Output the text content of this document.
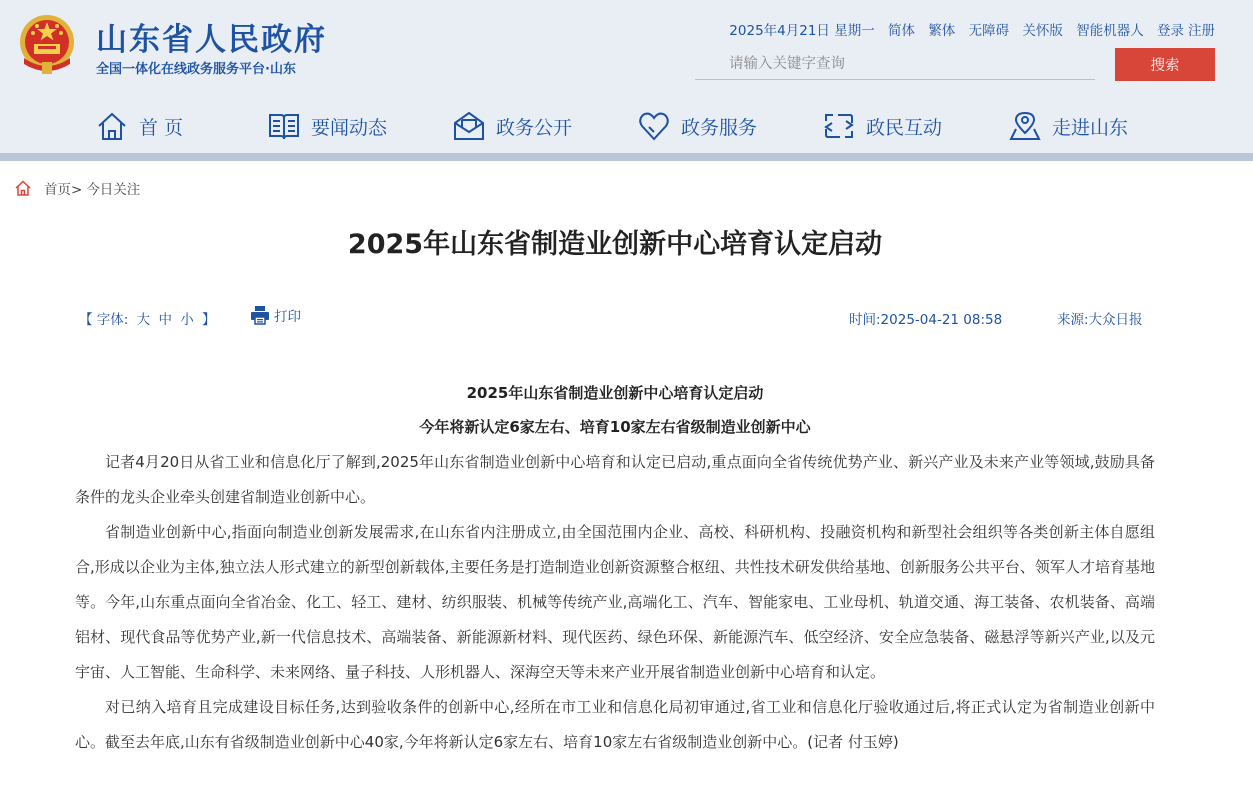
山东省人民政府
全国一体化在线政务服务平台·山东
2025年4月21日 星期一 简体 繁体 无障碍 关怀版 智能机器人 登录 注册
请输入关键字查询
搜索
首 页	要闻动态	政务公开	政务服务	政民互动	走进山东
首页> 今日关注
2025年山东省制造业创新中心培育认定启动
【 字体: 大 中 小 】	打印	时间:2025-04-21 08:58	来源:大众日报
2025年山东省制造业创新中心培育认定启动
今年将新认定6家左右、培育10家左右省级制造业创新中心

记者4月20日从省工业和信息化厅了解到,2025年山东省制造业创新中心培育和认定已启动,重点面向全省传统优势产业、新兴产业及未来产业等领域,鼓励具备条件的龙头企业牵头创建省制造业创新中心。

省制造业创新中心,指面向制造业创新发展需求,在山东省内注册成立,由全国范围内企业、高校、科研机构、投融资机构和新型社会组织等各类创新主体自愿组合,形成以企业为主体,独立法人形式建立的新型创新载体,主要任务是打造制造业创新资源整合枢纽、共性技术研发供给基地、创新服务公共平台、领军人才培育基地等。今年,山东重点面向全省冶金、化工、轻工、建材、纺织服装、机械等传统产业,高端化工、汽车、智能家电、工业母机、轨道交通、海工装备、农机装备、高端铝材、现代食品等优势产业,新一代信息技术、高端装备、新能源新材料、现代医药、绿色环保、新能源汽车、低空经济、安全应急装备、磁悬浮等新兴产业,以及元宇宙、人工智能、生命科学、未来网络、量子科技、人形机器人、深海空天等未来产业开展省制造业创新中心培育和认定。

对已纳入培育且完成建设目标任务,达到验收条件的创新中心,经所在市工业和信息化局初审通过,省工业和信息化厅验收通过后,将正式认定为省制造业创新中心。截至去年底,山东有省级制造业创新中心40家,今年将新认定6家左右、培育10家左右省级制造业创新中心。(记者 付玉婷)
